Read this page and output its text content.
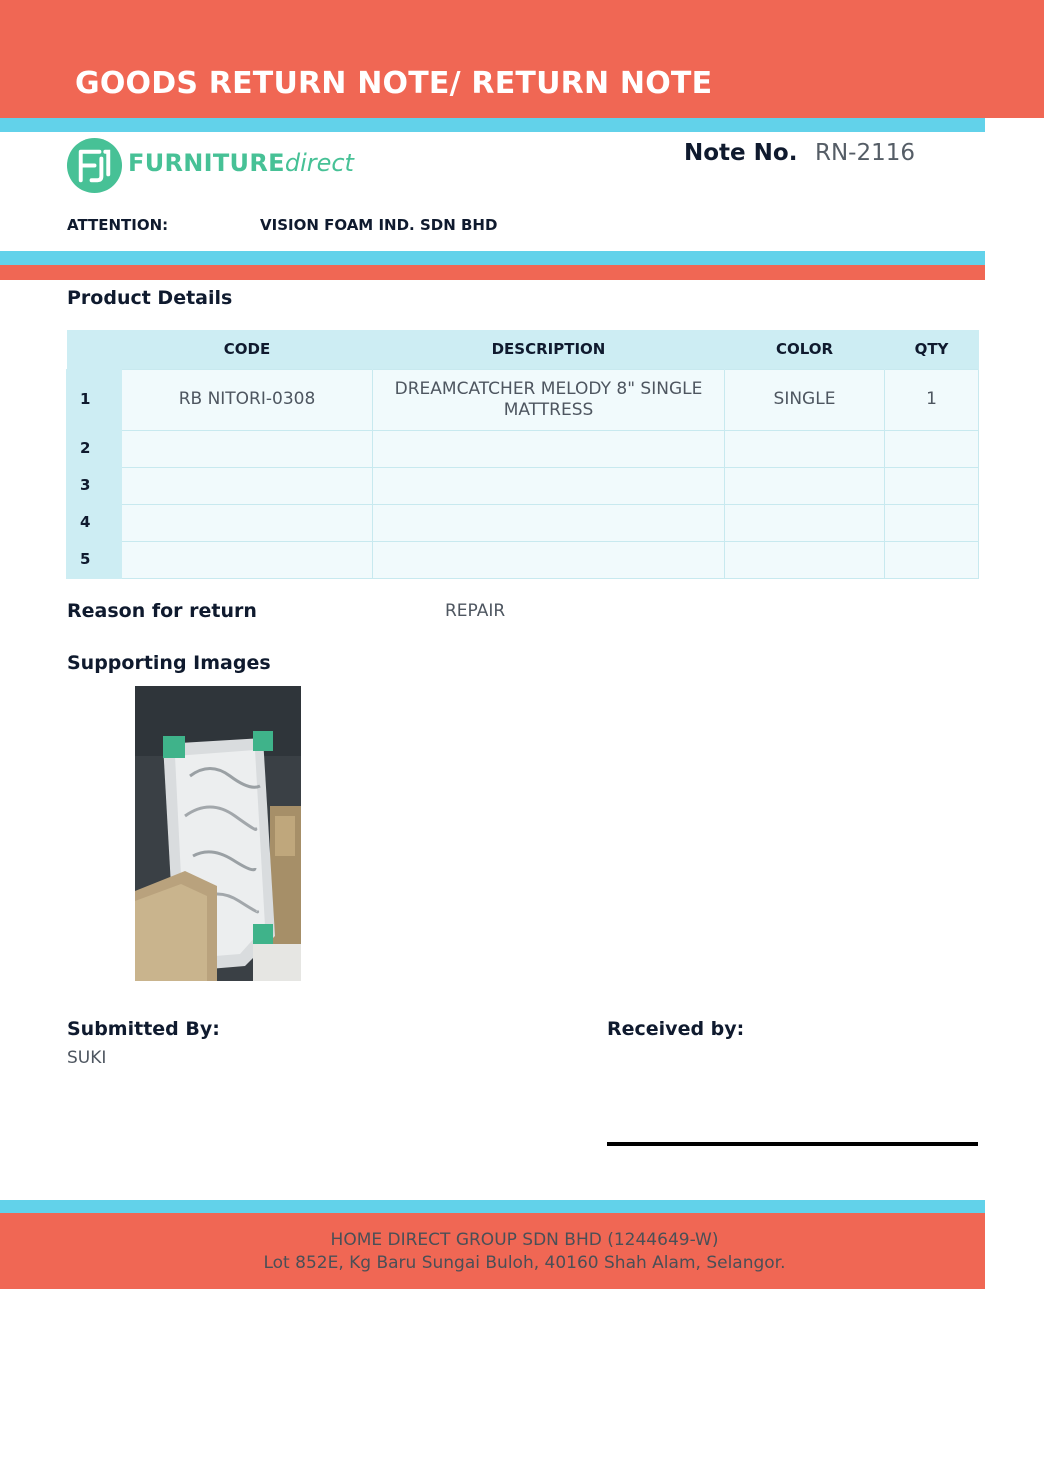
GOODS RETURN NOTE/ RETURN NOTE
FURNITUREdirect	Note No. RN-2116
ATTENTION:	VISION FOAM IND. SDN BHD
Product Details
	CODE	DESCRIPTION	COLOR	QTY
1	RB NITORI-0308	DREAMCATCHER MELODY 8" SINGLE MATTRESS	SINGLE	1
2				
3				
4				
5				
Reason for return	REPAIR
Supporting Images
Submitted By:
SUKI
Received by:
HOME DIRECT GROUP SDN BHD (1244649-W)
Lot 852E, Kg Baru Sungai Buloh, 40160 Shah Alam, Selangor.
